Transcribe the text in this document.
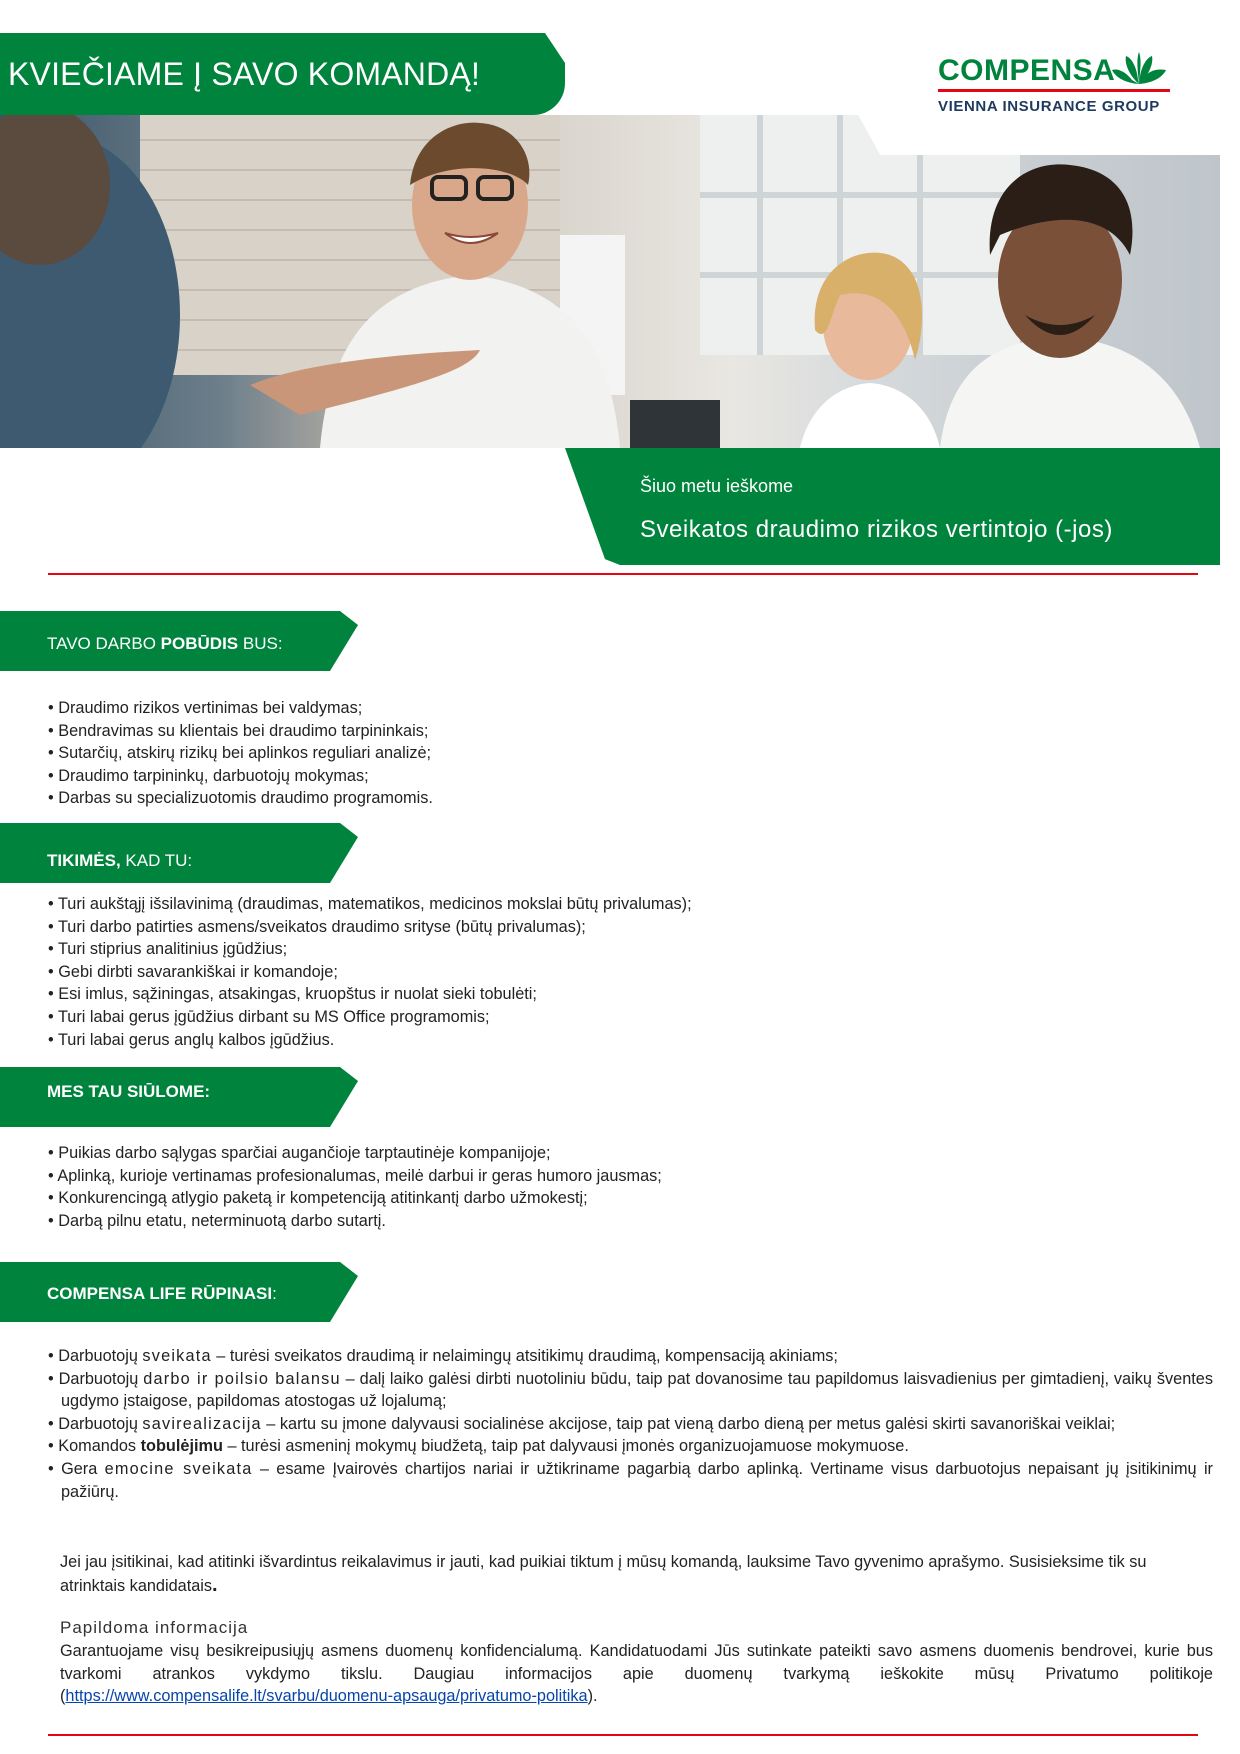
KVIEČIAME Į SAVO KOMANDĄ!	COMPENSA
VIENNA INSURANCE GROUP
Šiuo metu ieškome
Sveikatos draudimo rizikos vertintojo (-jos)
TAVO DARBO POBŪDIS BUS:
• Draudimo rizikos vertinimas bei valdymas;
• Bendravimas su klientais bei draudimo tarpininkais;
• Sutarčių, atskirų rizikų bei aplinkos reguliari analizė;
• Draudimo tarpininkų, darbuotojų mokymas;
• Darbas su specializuotomis draudimo programomis.
TIKIMĖS, KAD TU:
• Turi aukštąjį išsilavinimą (draudimas, matematikos, medicinos mokslai būtų privalumas);
• Turi darbo patirties asmens/sveikatos draudimo srityse (būtų privalumas);
• Turi stiprius analitinius įgūdžius;
• Gebi dirbti savarankiškai ir komandoje;
• Esi imlus, sąžiningas, atsakingas, kruopštus ir nuolat sieki tobulėti;
• Turi labai gerus įgūdžius dirbant su MS Office programomis;
• Turi labai gerus anglų kalbos įgūdžius.
MES TAU SIŪLOME:
• Puikias darbo sąlygas sparčiai augančioje tarptautinėje kompanijoje;
• Aplinką, kurioje vertinamas profesionalumas, meilė darbui ir geras humoro jausmas;
• Konkurencingą atlygio paketą ir kompetenciją atitinkantį darbo užmokestį;
• Darbą pilnu etatu, neterminuotą darbo sutartį.
COMPENSA LIFE RŪPINASI:
• Darbuotojų sveikata – turėsi sveikatos draudimą ir nelaimingų atsitikimų draudimą, kompensaciją akiniams;
• Darbuotojų darbo ir poilsio balansu – dalį laiko galėsi dirbti nuotoliniu būdu, taip pat dovanosime tau papildomus laisvadienius per gimtadienį, vaikų šventes ugdymo įstaigose, papildomas atostogas už lojalumą;
• Darbuotojų savirealizacija – kartu su įmone dalyvausi socialinėse akcijose, taip pat vieną darbo dieną per metus galėsi skirti savanoriškai veiklai;
• Komandos tobulėjimu – turėsi asmeninį mokymų biudžetą, taip pat dalyvausi įmonės organizuojamuose mokymuose.
• Gera emocine sveikata – esame Įvairovės chartijos nariai ir užtikriname pagarbią darbo aplinką. Vertiname visus darbuotojus nepaisant jų įsitikinimų ir pažiūrų.
Jei jau įsitikinai, kad atitinki išvardintus reikalavimus ir jauti, kad puikiai tiktum į mūsų komandą, lauksime Tavo gyvenimo aprašymo. Susisieksime tik su atrinktais kandidatais.
Papildoma informacija
Garantuojame visų besikreipusiųjų asmens duomenų konfidencialumą. Kandidatuodami Jūs sutinkate pateikti savo asmens duomenis bendrovei, kurie bus tvarkomi atrankos vykdymo tikslu. Daugiau informacijos apie duomenų tvarkymą ieškokite mūsų Privatumo politikoje (https://www.compensalife.lt/svarbu/duomenu-apsauga/privatumo-politika).
